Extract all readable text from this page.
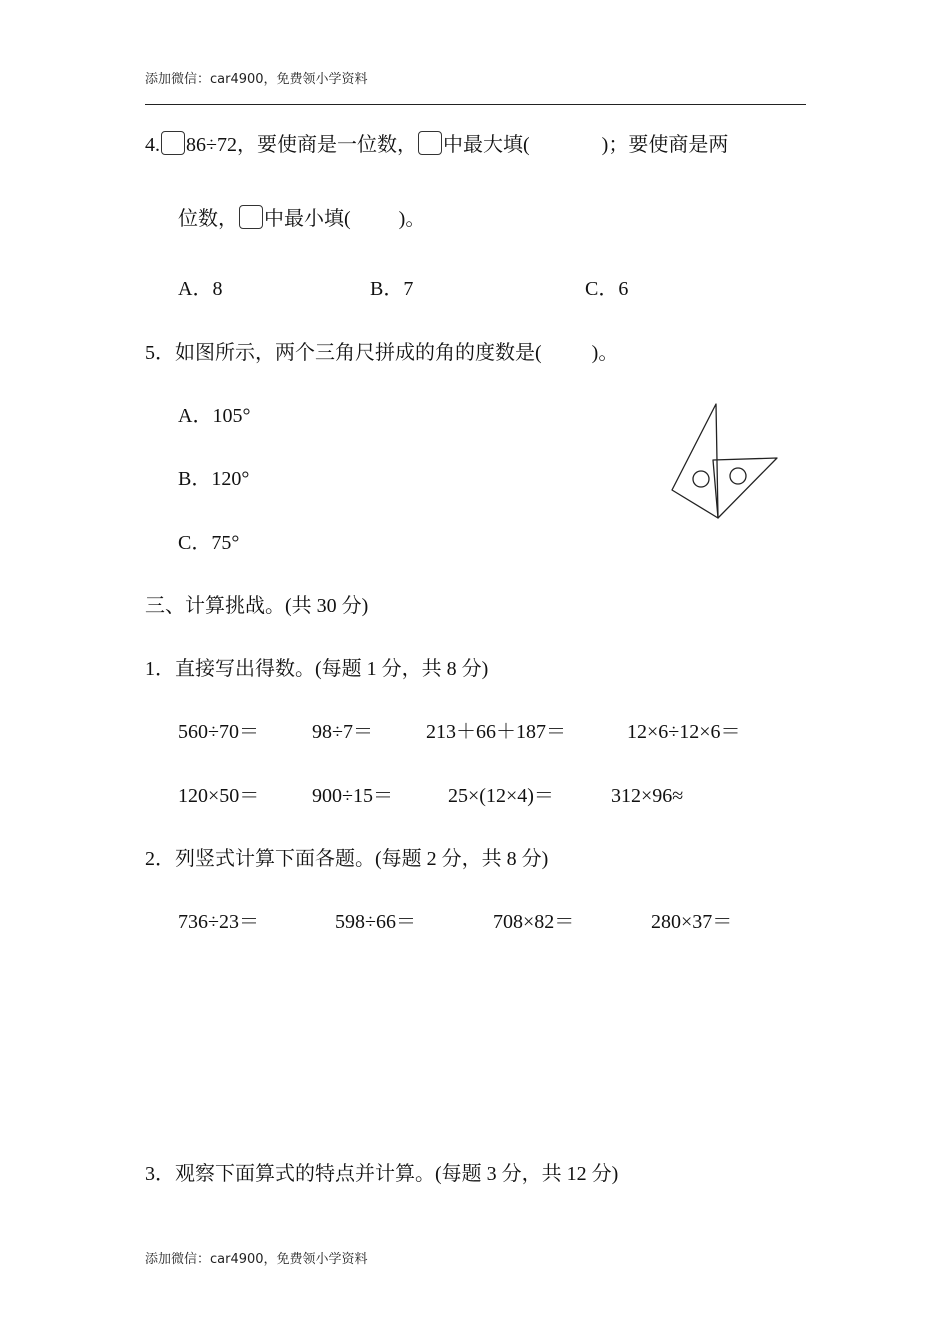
添加微信：car4900，免费领小学资料
4. 86÷72，要使商是一位数， 中最大填(	)；要使商是两
位数， 中最小填( )。
A．8	B．7	C．6
5．如图所示，两个三角尺拼成的角的度数是(	)。
A．105°
B．120°
C．75°
三、计算挑战。(共 30 分)
1．直接写出得数。(每题 1 分，共 8 分)
560÷70＝	98÷7＝	213＋66＋187＝	12×6÷12×6＝
120×50＝	900÷15＝	25×(12×4)＝	312×96≈
2．列竖式计算下面各题。(每题 2 分，共 8 分)
736÷23＝	598÷66＝	708×82＝	280×37＝
3．观察下面算式的特点并计算。(每题 3 分，共 12 分)
添加微信：car4900，免费领小学资料
